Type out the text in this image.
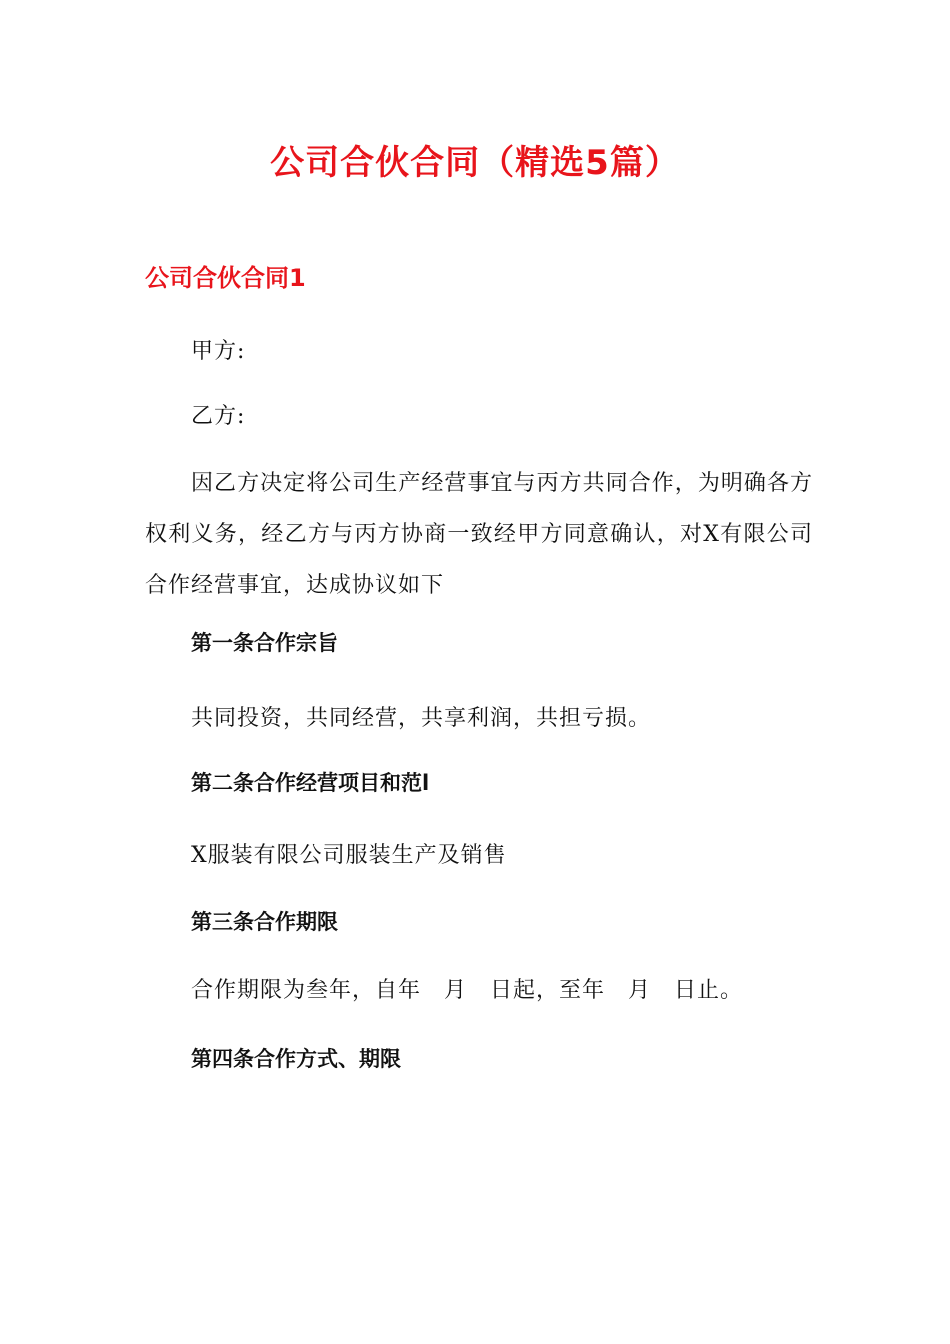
公司合伙合同（精选5篇）
公司合伙合同1
甲方:
乙方:
因乙方决定将公司生产经营事宜与丙方共同合作，为明确各方权利义务，经乙方与丙方协商一致经甲方同意确认，对X有限公司合作经营事宜，达成协议如下
第一条合作宗旨
共同投资，共同经营，共享利润，共担亏损。
第二条合作经营项目和范l
X服装有限公司服装生产及销售
第三条合作期限
合作期限为叁年，自年　月　日起，至年　月　日止。
第四条合作方式、期限
